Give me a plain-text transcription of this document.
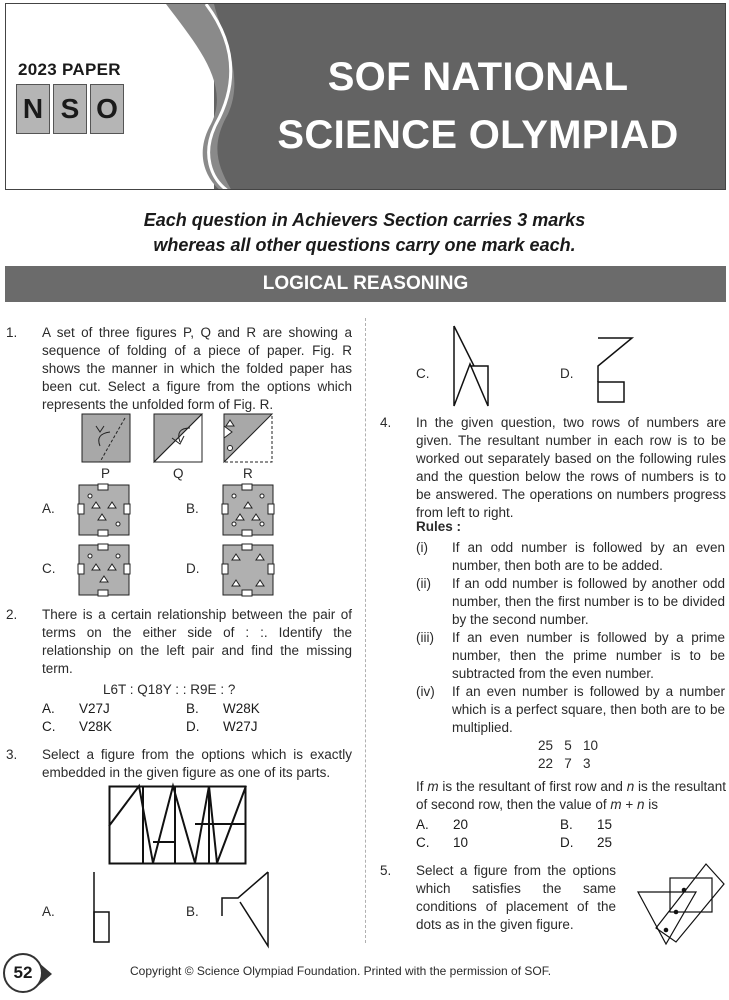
2023 PAPER
N S O
SOF NATIONAL
SCIENCE OLYMPIAD
Each question in Achievers Section carries 3 marks
whereas all other questions carry one mark each.
LOGICAL REASONING
1. A set of three figures P, Q and R are showing a sequence of folding of a piece of paper. Fig. R shows the manner in which the folded paper has been cut. Select a figure from the options which represents the unfolded form of Fig. R.
P	Q	R
A.	B.
C.	D.
2. There is a certain relationship between the pair of terms on the either side of : :. Identify the relationship on the left pair and find the missing term.
L6T : Q18Y : : R9E : ?
A. V27J	B. W28K
C. V28K	D. W27J
3. Select a figure from the options which is exactly embedded in the given figure as one of its parts.
A.	B.
C.	D.
4. In the given question, two rows of numbers are given. The resultant number in each row is to be worked out separately based on the following rules and the question below the rows of numbers is to be answered. The operations on numbers progress from left to right.
Rules :
(i) If an odd number is followed by an even number, then both are to be added.
(ii) If an odd number is followed by another odd number, then the first number is to be divided by the second number.
(iii) If an even number is followed by a prime number, then the prime number is to be subtracted from the even number.
(iv) If an even number is followed by a number which is a perfect square, then both are to be multiplied.
25   5   10
22   7   3
If m is the resultant of first row and n is the resultant of second row, then the value of m + n is
A. 20	B. 15
C. 10	D. 25
5. Select a figure from the options which satisfies the same conditions of placement of the dots as in the given figure.
52	Copyright © Science Olympiad Foundation. Printed with the permission of SOF.
